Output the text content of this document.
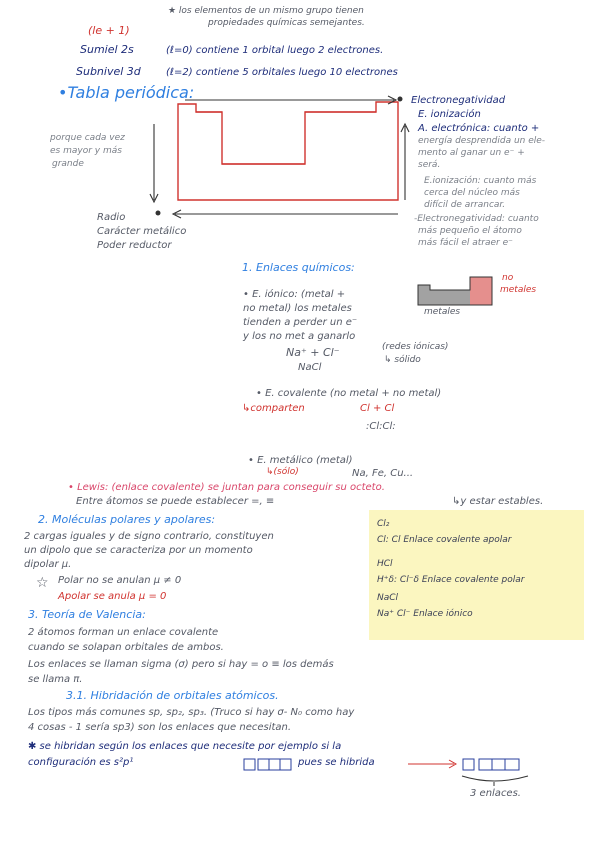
★ los elementos de un mismo grupo tienen
propiedades químicas semejantes.
(le + 1)
Sumiel 2s	(ℓ=0) contiene 1 orbital luego 2 electrones.
Subnivel 3d	(ℓ=2) contiene 5 orbitales luego 10 electrones
•Tabla periódica:
porque cada vez
es mayor y más
grande
Radio
Carácter metálico
Poder reductor
Electronegatividad
E. ionización
A. electrónica: cuanto +
energía desprendida un ele-
mento al ganar un e⁻ +
será.
E.ionización: cuanto más
cerca del núcleo más
difícil de arrancar.
-Electronegatividad: cuanto
más pequeño el átomo
más fácil el atraer e⁻
1. Enlaces químicos:
no
metales
metales
• E. iónico: (metal +
no metal) los metales
tienden a perder un e⁻
y los no met a ganarlo
Na⁺ + Cl⁻	(redes iónicas)
↳ sólido
NaCl
• E. covalente (no metal + no metal)
↳comparten	Cl + Cl
:Cl:Cl:
• E. metálico (metal)
↳(sólo)	Na, Fe, Cu...
• Lewis: (enlace covalente) se juntan para conseguir su octeto.
Entre átomos se puede establecer =, ≡	↳y estar estables.
2. Moléculas polares y apolares:
2 cargas iguales y de signo contrario, constituyen
un dipolo que se caracteriza por un momento
dipolar μ.
☆ Polar no se anulan μ ≠ 0
Apolar se anula μ = 0
Cl₂
Cl: Cl Enlace covalente apolar
HCl
H⁺δ: Cl⁻δ Enlace covalente polar
NaCl
Na⁺ Cl⁻ Enlace iónico
3. Teoría de Valencia:
2 átomos forman un enlace covalente
cuando se solapan orbitales de ambos.
Los enlaces se llaman sigma (σ) pero si hay = o ≡ los demás
se llama π.
3.1. Hibridación de orbitales atómicos.
Los tipos más comunes sp, sp₂, sp₃. (Truco si hay σ- N₀ como hay
4 cosas - 1 sería sp3) son los enlaces que necesitan.
✱ se hibridan según los enlaces que necesite por ejemplo si la
configuración es s²p¹	pues se hibrida
3 enlaces.
